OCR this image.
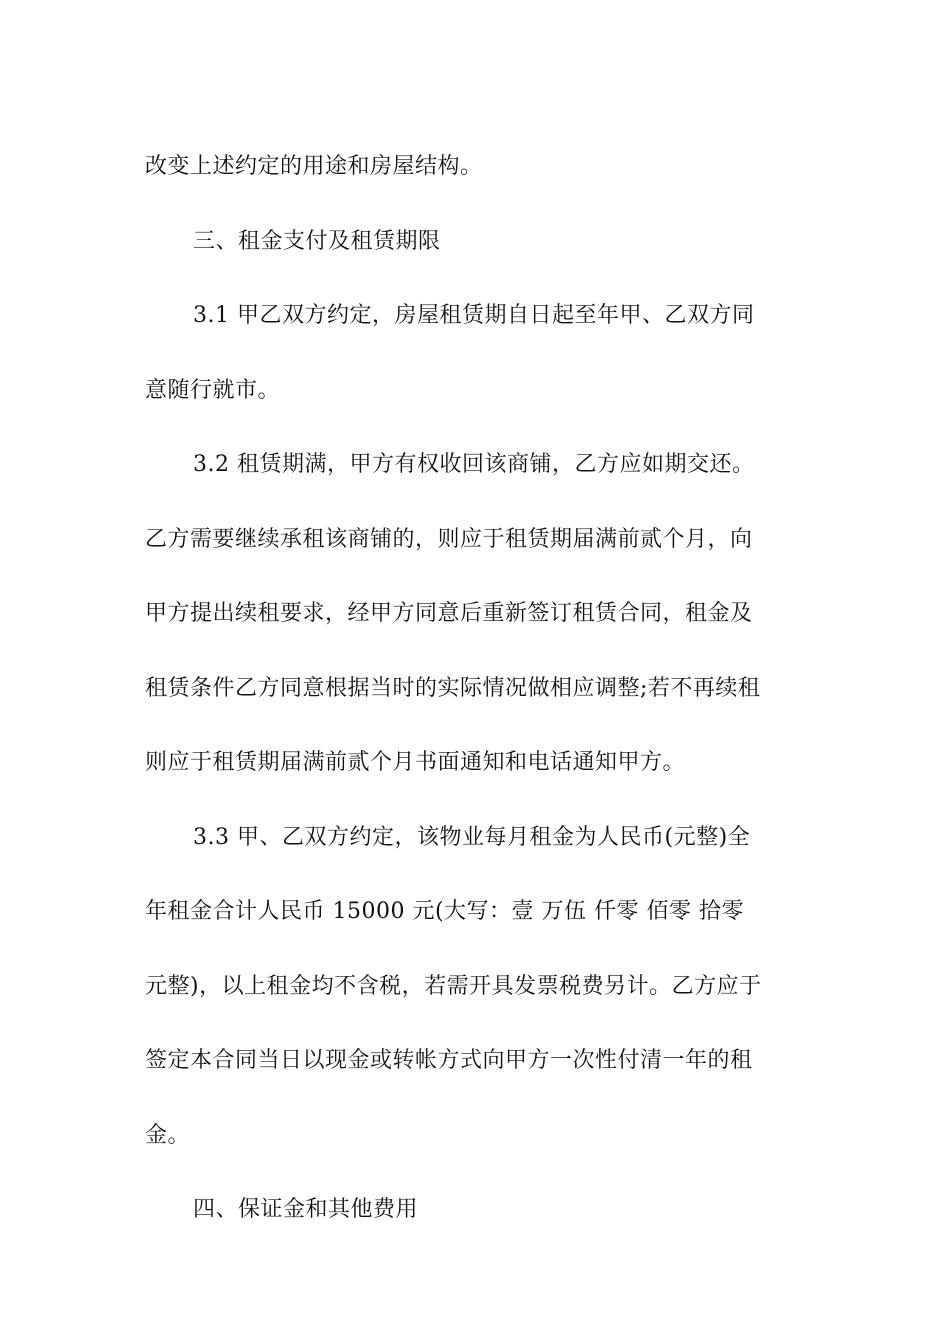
改变上述约定的用途和房屋结构。
三、租金支付及租赁期限
3.1 甲乙双方约定，房屋租赁期自日起至年甲、乙双方同
意随行就市。
3.2 租赁期满，甲方有权收回该商铺，乙方应如期交还。
乙方需要继续承租该商铺的，则应于租赁期届满前贰个月，向
甲方提出续租要求，经甲方同意后重新签订租赁合同，租金及
租赁条件乙方同意根据当时的实际情况做相应调整;若不再续租
则应于租赁期届满前贰个月书面通知和电话通知甲方。
3.3 甲、乙双方约定，该物业每月租金为人民币(元整)全
年租金合计人民币 15000 元(大写：壹 万伍 仟零 佰零 拾零
元整)，以上租金均不含税，若需开具发票税费另计。乙方应于
签定本合同当日以现金或转帐方式向甲方一次性付清一年的租
金。
四、保证金和其他费用
